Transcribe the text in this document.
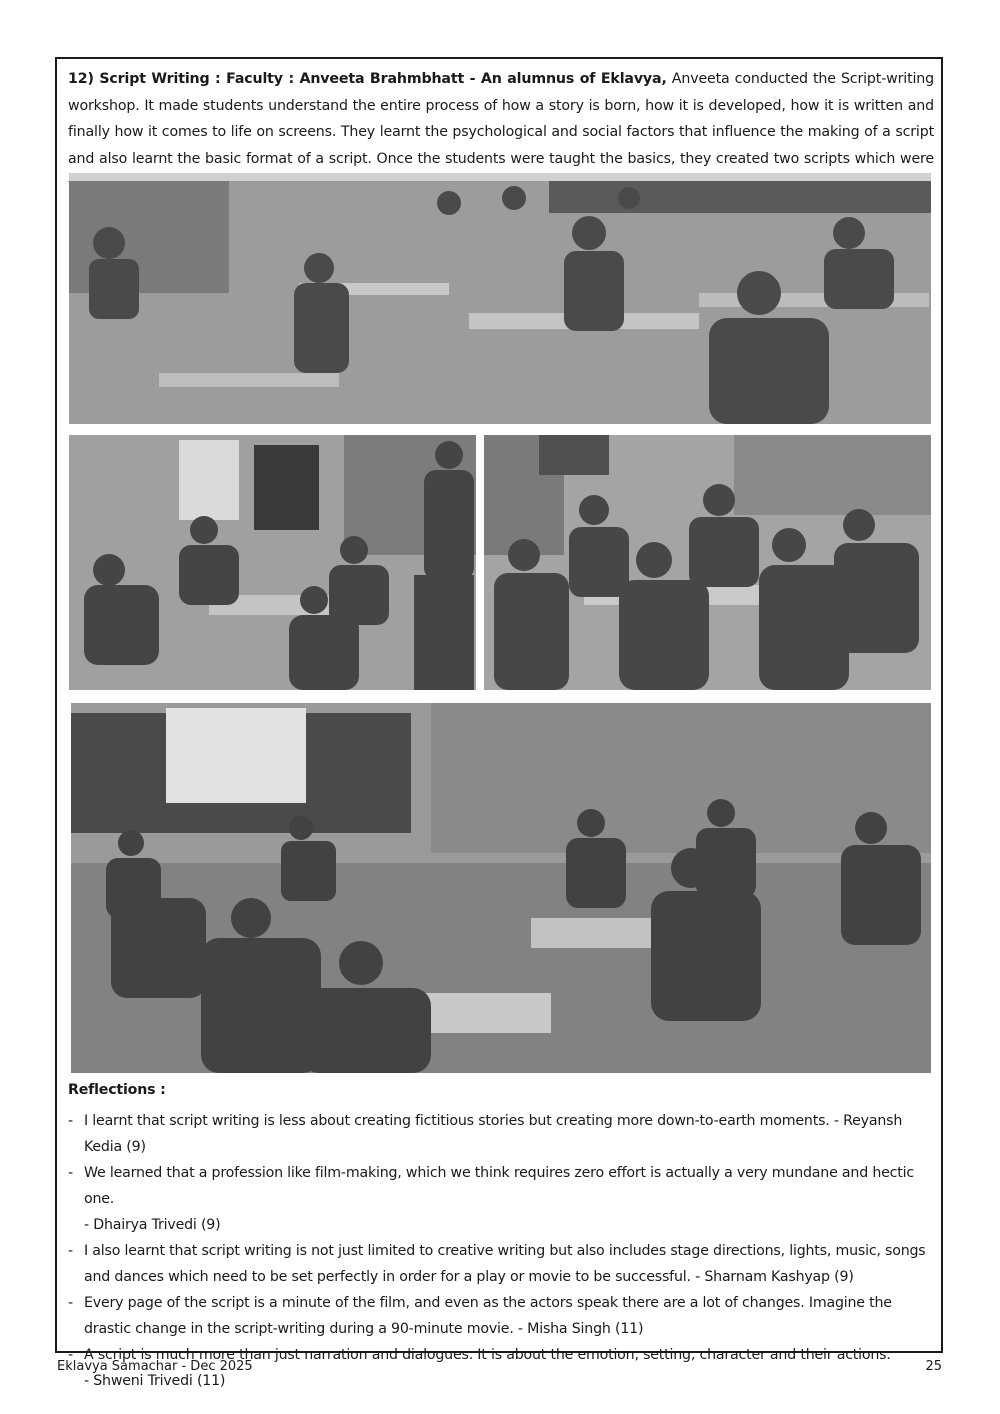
12) Script Writing : Faculty : Anveeta Brahmbhatt - An alumnus of Eklavya, Anveeta conducted the Script-writing workshop. It made students understand the entire process of how a story is born, how it is developed, how it is written and finally how it comes to life on screens. They learnt the psychological and social factors that influence the making of a script and also learnt the basic format of a script. Once the students were taught the basics, they created two scripts which were
Reflections :
- I learnt that script writing is less about creating fictitious stories but creating more down-to-earth moments. - Reyansh Kedia (9)
- We learned that a profession like film-making, which we think requires zero effort is actually a very mundane and hectic one.
- Dhairya Trivedi (9)
- I also learnt that script writing is not just limited to creative writing but also includes stage directions, lights, music, songs and dances which need to be set perfectly in order for a play or movie to be successful. - Sharnam Kashyap (9)
- Every page of the script is a minute of the film, and even as the actors speak there are a lot of changes. Imagine the drastic change in the script-writing during a 90-minute movie. - Misha Singh (11)
- A script is much more than just narration and dialogues. It is about the emotion, setting, character and their actions.
- Shweni Trivedi (11)
Eklavya Samachar - Dec 2025	25
